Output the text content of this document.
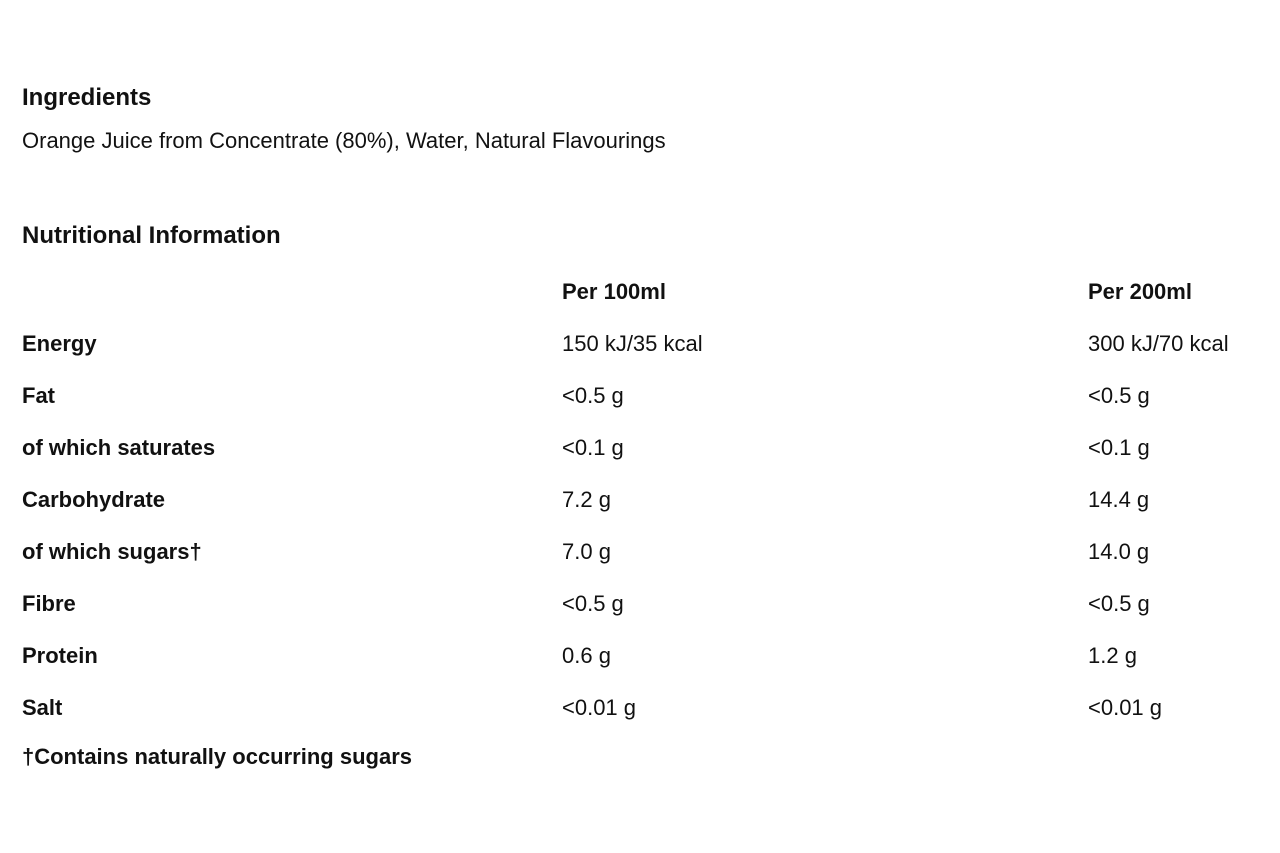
Ingredients

Orange Juice from Concentrate (80%), Water, Natural Flavourings

Nutritional Information
	Per 100ml	Per 200ml
Energy	150 kJ/35 kcal	300 kJ/70 kcal
Fat	<0.5 g	<0.5 g
of which saturates	<0.1 g	<0.1 g
Carbohydrate	7.2 g	14.4 g
of which sugars†	7.0 g	14.0 g
Fibre	<0.5 g	<0.5 g
Protein	0.6 g	1.2 g
Salt	<0.01 g	<0.01 g

†Contains naturally occurring sugars
